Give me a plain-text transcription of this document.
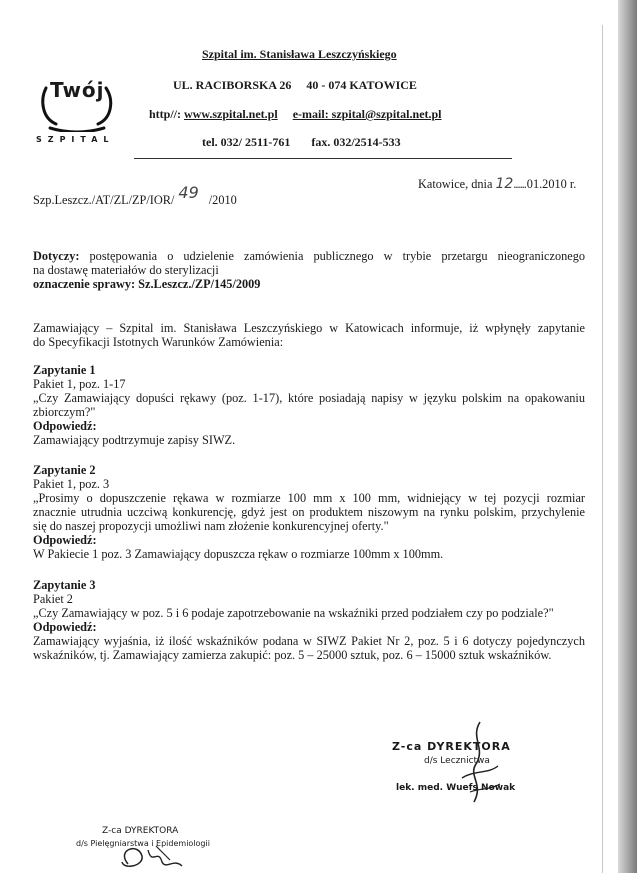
Twój
SZPITAL
Szpital im. Stanisława Leszczyńskiego
UL. RACIBORSKA 26     40 - 074 KATOWICE
http//: www.szpital.net.pl e-mail: szpital@szpital.net.pl
tel. 032/ 2511-761 fax. 032/2514-533
Katowice, dnia 12......01.2010 r.
Szp.Leszcz./AT/ZL/ZP/IOR/ 49 /2010
Dotyczy: postępowania o udzielenie zamówienia publicznego w trybie przetargu nieograniczonego
na dostawę materiałów do sterylizacji
oznaczenie sprawy: Sz.Leszcz./ZP/145/2009
Zamawiający – Szpital im. Stanisława Leszczyńskiego w Katowicach informuje, iż wpłynęły zapytanie
do Specyfikacji Istotnych Warunków Zamówienia:
Zapytanie 1
Pakiet 1, poz. 1-17
„Czy Zamawiający dopuści rękawy (poz. 1-17), które posiadają napisy w języku polskim na opakowaniu
zbiorczym?"
Odpowiedź:
Zamawiający podtrzymuje zapisy SIWZ.
Zapytanie 2
Pakiet 1, poz. 3
„Prosimy o dopuszczenie rękawa w rozmiarze 100 mm x 100 mm, widniejący w tej pozycji rozmiar
znacznie utrudnia uczciwą konkurencję, gdyż jest on produktem niszowym na rynku polskim, przychylenie
się do naszej propozycji umożliwi nam złożenie konkurencyjnej oferty."
Odpowiedź:
W Pakiecie 1 poz. 3 Zamawiający dopuszcza rękaw o rozmiarze 100mm x 100mm.
Zapytanie 3
Pakiet 2
„Czy Zamawiający w poz. 5 i 6 podaje zapotrzebowanie na wskaźniki przed podziałem czy po podziale?"
Odpowiedź:
Zamawiający wyjaśnia, iż ilość wskaźników podana w SIWZ Pakiet Nr 2, poz. 5 i 6 dotyczy pojedynczych
wskaźników, tj. Zamawiający zamierza zakupić: poz. 5 – 25000 sztuk, poz. 6 – 15000 sztuk wskaźników.
Z-ca DYREKTORA
d/s Lecznictwa
lek. med. Wuefs Nowak
Z-ca DYREKTORA
d/s Pielęgniarstwa i Epidemiologii
